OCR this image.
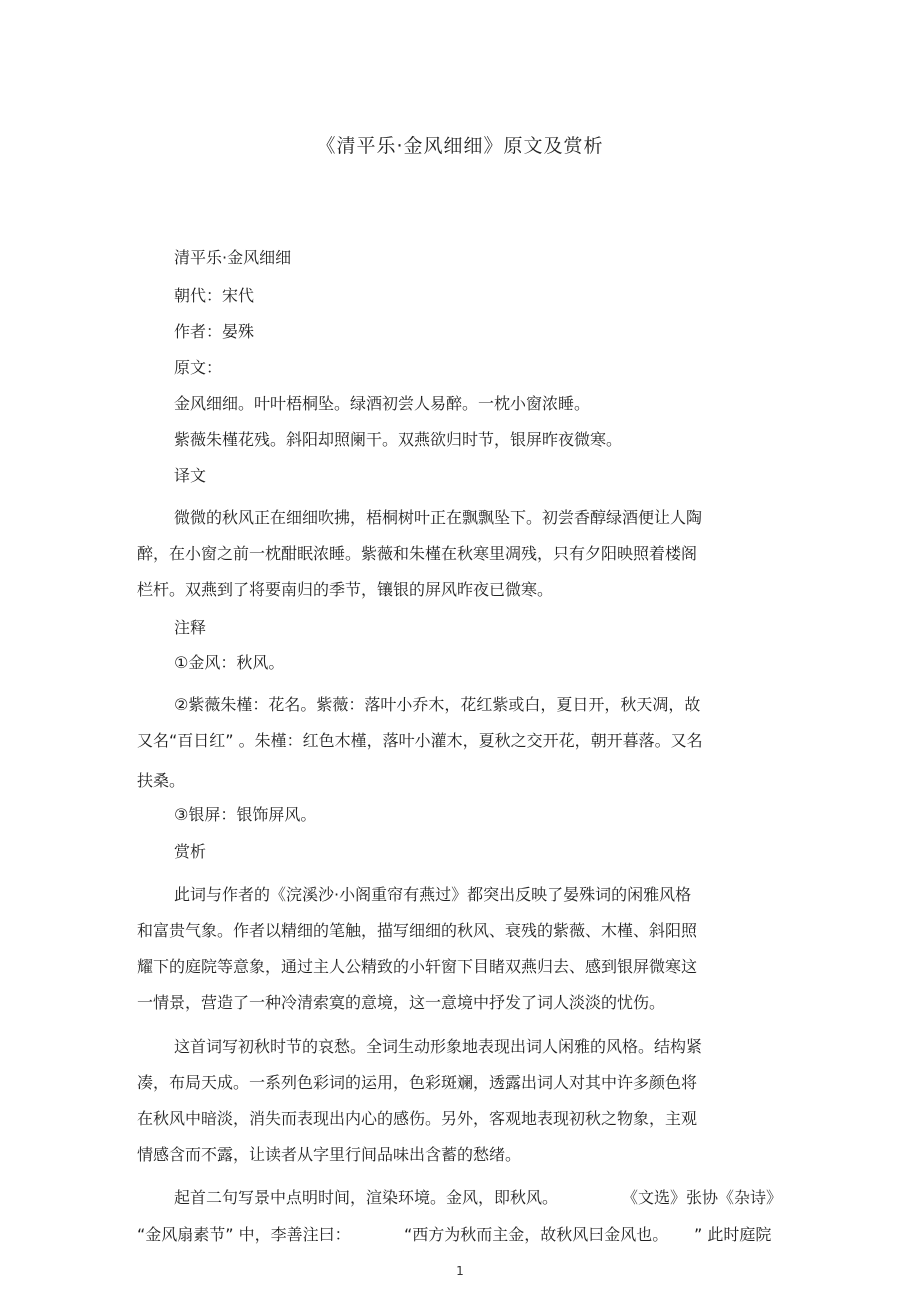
《清平乐·金风细细》原文及赏析
清平乐·金风细细
朝代：宋代
作者：晏殊
原文：
金风细细。叶叶梧桐坠。绿酒初尝人易醉。一枕小窗浓睡。
紫薇朱槿花残。斜阳却照阑干。双燕欲归时节，银屏昨夜微寒。
译文
微微的秋风正在细细吹拂，梧桐树叶正在飘飘坠下。初尝香醇绿酒便让人陶
醉，在小窗之前一枕酣眠浓睡。紫薇和朱槿在秋寒里凋残，只有夕阳映照着楼阁
栏杆。双燕到了将要南归的季节，镶银的屏风昨夜已微寒。
注释
①金风：秋风。
②紫薇朱槿：花名。紫薇：落叶小乔木，花红紫或白，夏日开，秋天凋，故
又名“百日红” 。朱槿：红色木槿，落叶小灌木，夏秋之交开花，朝开暮落。又名
扶桑。
③银屏：银饰屏风。
赏析
此词与作者的《浣溪沙·小阁重帘有燕过》都突出反映了晏殊词的闲雅风格
和富贵气象。作者以精细的笔触，描写细细的秋风、衰残的紫薇、木槿、斜阳照
耀下的庭院等意象，通过主人公精致的小轩窗下目睹双燕归去、感到银屏微寒这
一情景，营造了一种冷清索寞的意境，这一意境中抒发了词人淡淡的忧伤。
这首词写初秋时节的哀愁。全词生动形象地表现出词人闲雅的风格。结构紧
凑，布局天成。一系列色彩词的运用，色彩斑斓，透露出词人对其中许多颜色将
在秋风中暗淡，消失而表现出内心的感伤。另外，客观地表现初秋之物象，主观
情感含而不露，让读者从字里行间品味出含蓄的愁绪。
起首二句写景中点明时间，渲染环境。金风，即秋风。	《文选》张协《杂诗》
“金风扇素节” 中，李善注曰：	“西方为秋而主金，故秋风曰金风也。 ” 此时庭院
1
